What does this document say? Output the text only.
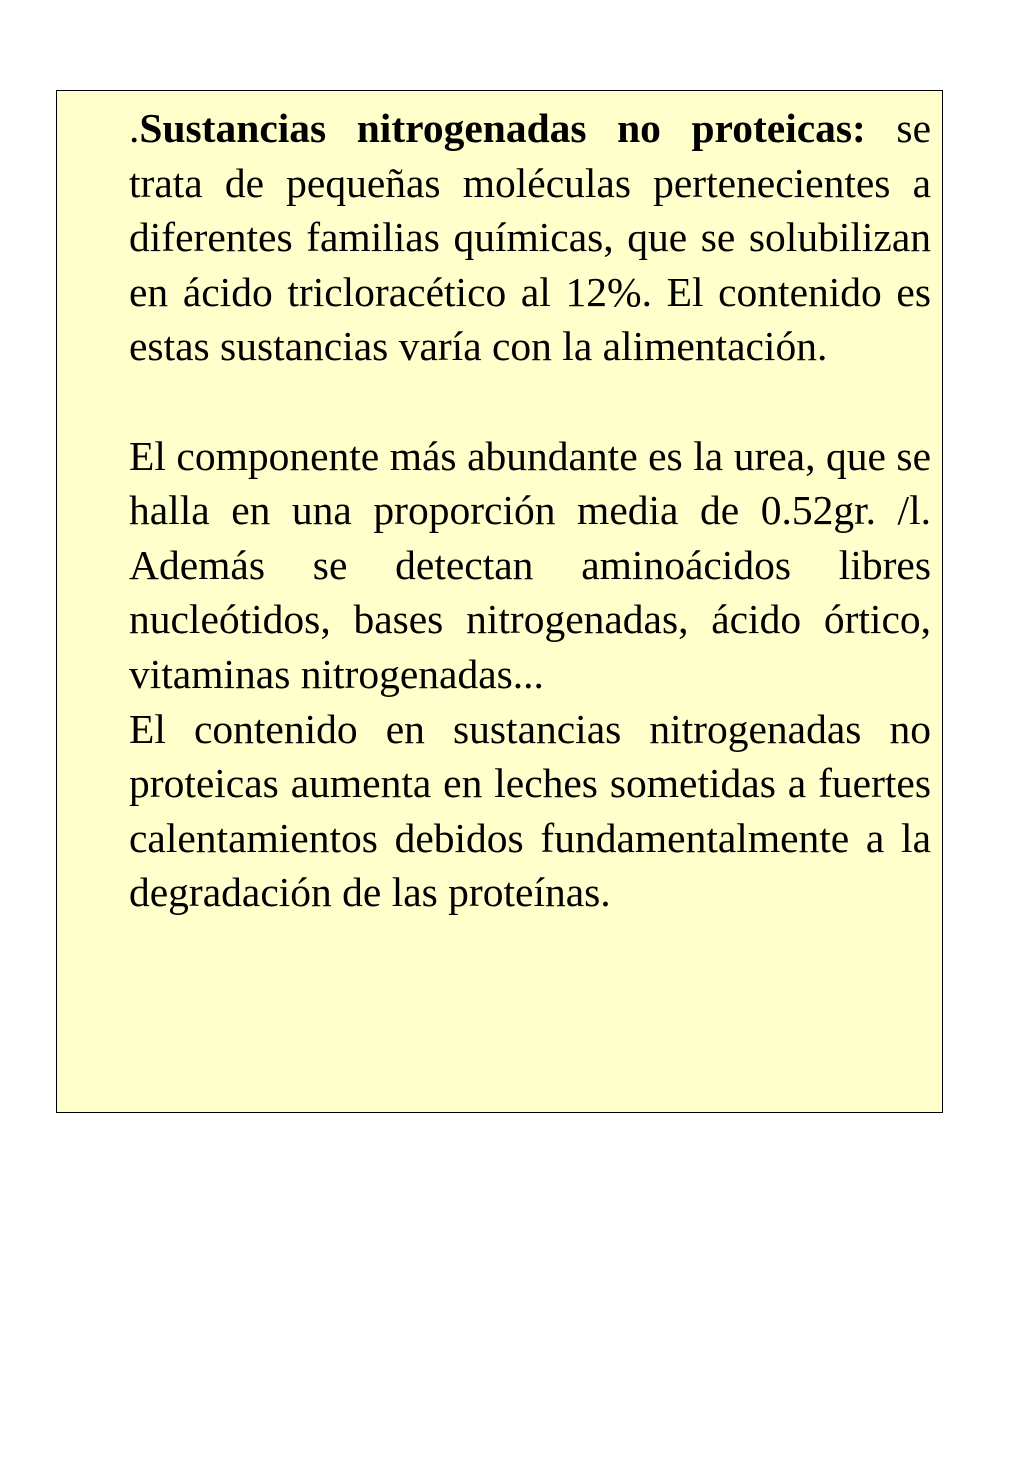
.Sustancias nitrogenadas no proteicas: se trata de pequeñas moléculas pertenecientes a diferentes familias químicas, que se solubilizan en ácido tricloracético al 12%. El contenido es estas sustancias varía con la alimentación.

El componente más abundante es la urea, que se halla en una proporción media de 0.52gr. /l. Además se detectan aminoácidos libres nucleótidos, bases nitrogenadas, ácido órtico, vitaminas nitrogenadas...

El contenido en sustancias nitrogenadas no proteicas aumenta en leches sometidas a fuertes calentamientos debidos fundamentalmente a la degradación de las proteínas.
